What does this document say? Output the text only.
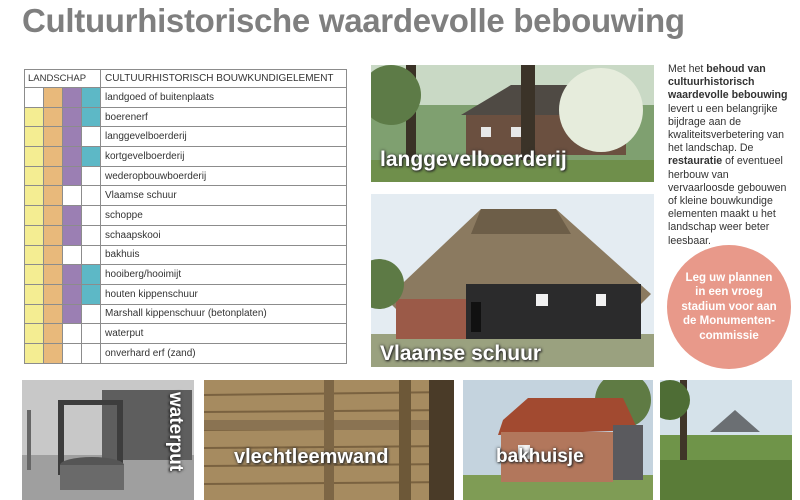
Cultuurhistorische waardevolle bebouwing
LANDSCHAP				CULTUURHISTORISCH BOUWKUNDIGELEMENT
				landgoed of buitenplaats
				boerenerf
				langgevelboerderij
				kortgevelboerderij
				wederopbouwboerderij
				Vlaamse schuur
				schoppe
				schaapskooi
				bakhuis
				hooiberg/hooimijt
				houten kippenschuur
				Marshall kippenschuur (betonplaten)
				waterput
				onverhard erf (zand)
langgevelboerderij
Vlaamse schuur
waterput vlechtleemwand	bakhuisje
Met het behoud van cultuurhistorisch waardevolle bebouwing levert u een belangrijke bijdrage aan de kwaliteitsverbetering van het landschap. De restauratie of eventueel herbouw van vervaarloosde gebouwen of kleine bouwkundige elementen maakt u het landschap weer beter leesbaar.
Leg uw plannen in een vroeg stadium voor aan de Monumenten-commissie
